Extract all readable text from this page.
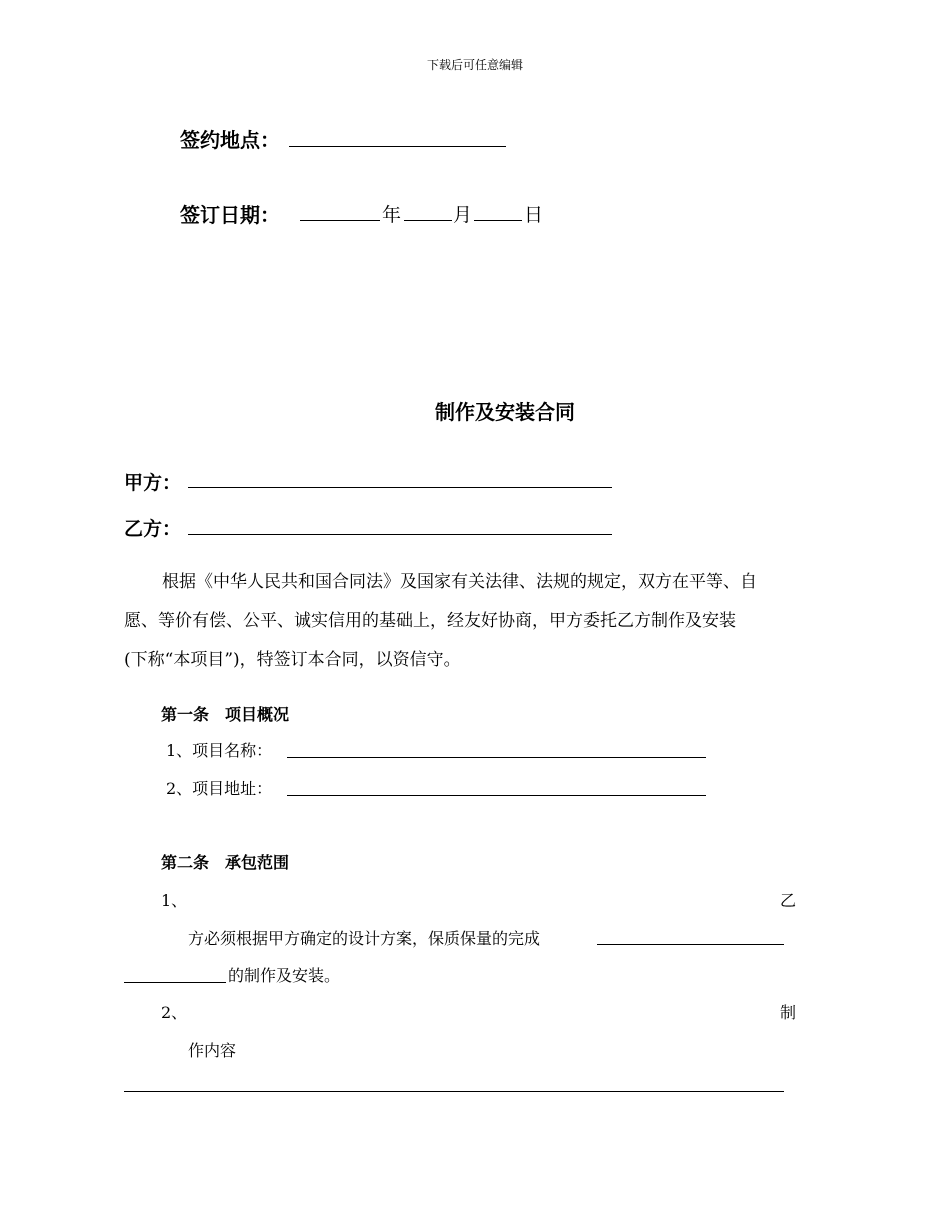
下载后可任意编辑
签约地点：
签订日期：	年	月	日
制作及安装合同
甲方：
乙方：
根据《中华人民共和国合同法》及国家有关法律、法规的规定，双方在平等、自
愿、等价有偿、公平、诚实信用的基础上，经友好协商，甲方委托乙方制作及安装
(下称“本项目”)，特签订本合同，以资信守。
第一条　项目概况
1、项目名称：
2、项目地址：
第二条　承包范围
1、	乙
方必须根据甲方确定的设计方案，保质保量的完成
的制作及安装。
2、	制
作内容
